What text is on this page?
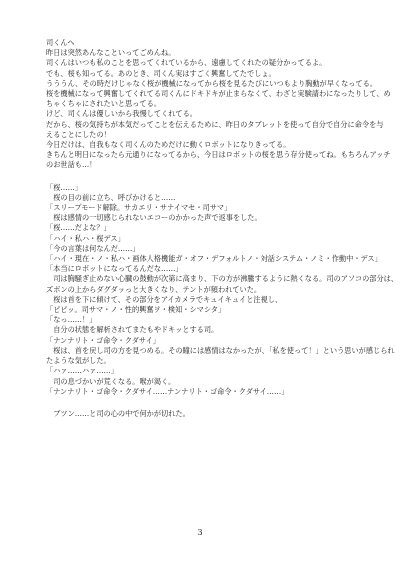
司くんへ
昨日は突然あんなこといってごめんね。
司くんはいつも私のことを思ってくれているから、遠慮してくれたの疑分かってるよ。
でも、桜も知ってる。あのとき、司くん実はすごく興奮してたでしょ。
うううん、その時だけじゃなく桜が機械になってから桜を見るたびにいつもより胸動が早くなってる。
桜を機械になって興奮してくれてる司くんにドキドキが止まらなくて、わざと実験請わになったりして、め
ちゃくちゃにされたいと思ってる。
けど、司くんは優しいから我慢してくれてる。
だから、桜の気持ちが本気だってことを伝えるために、昨日のタブレットを使って自分で自分に命令を与
えることにしたの！
今日だけは、自我もなく司くんのためだけに動くロボットになりきってる。
きちんと明日になったら元通りになってるから、今日はロボットの桜を思う存分使ってね。もちろんアッチ
のお世話も…！
「桜……」
　桜の目の前に立ち、呼びかけると……
「スリープモード解除。サカエリ・サナイマセ・司サマ」
　桜は感情の一切感じられないエコーのかかった声で返事をした。
「桜……だよな？」
「ハイ・私ハ・桜デス」
「今の言葉は何なんだ……」
「ハイ・現在・ノ・私ハ・画体人格機能ガ・オフ・デフォルトノ・対話システム・ノミ・作動中・デス」
「本当にロボットになってるんだな……」
　司は胸騒ぎ止めない心臓の鼓動が次第に高まり、下の方が沸騰するように熱くなる。司のアソコの部分は、
ズボンの上からダグダッっと大きくなり、テントが頻われていた。
　桜は首を下に傾けて、その部分をアイカメラでキュイキュイと注視し、
「ピピッ。司サマ・ノ・性的興奮ヲ・検知・シマシタ」
「なっ……！」
　自分の状態を解析されてまたもやドキッとする司。
「ナンナリト・ゴ命令・クダサイ」
　桜は、首を戻し司の方を見つめる。その瞳には感情はなかったが、「私を使って！」という思いが感じられ
たような気がした。
「ハァ……ハァ……」
　司の息づかいが荒くなる。喉が渇く。
「ナンナリト・ゴ命令・クダサイ……ナンナリト・ゴ命令・クダサイ……」
　ブツン……と司の心の中で何かが切れた。
3
